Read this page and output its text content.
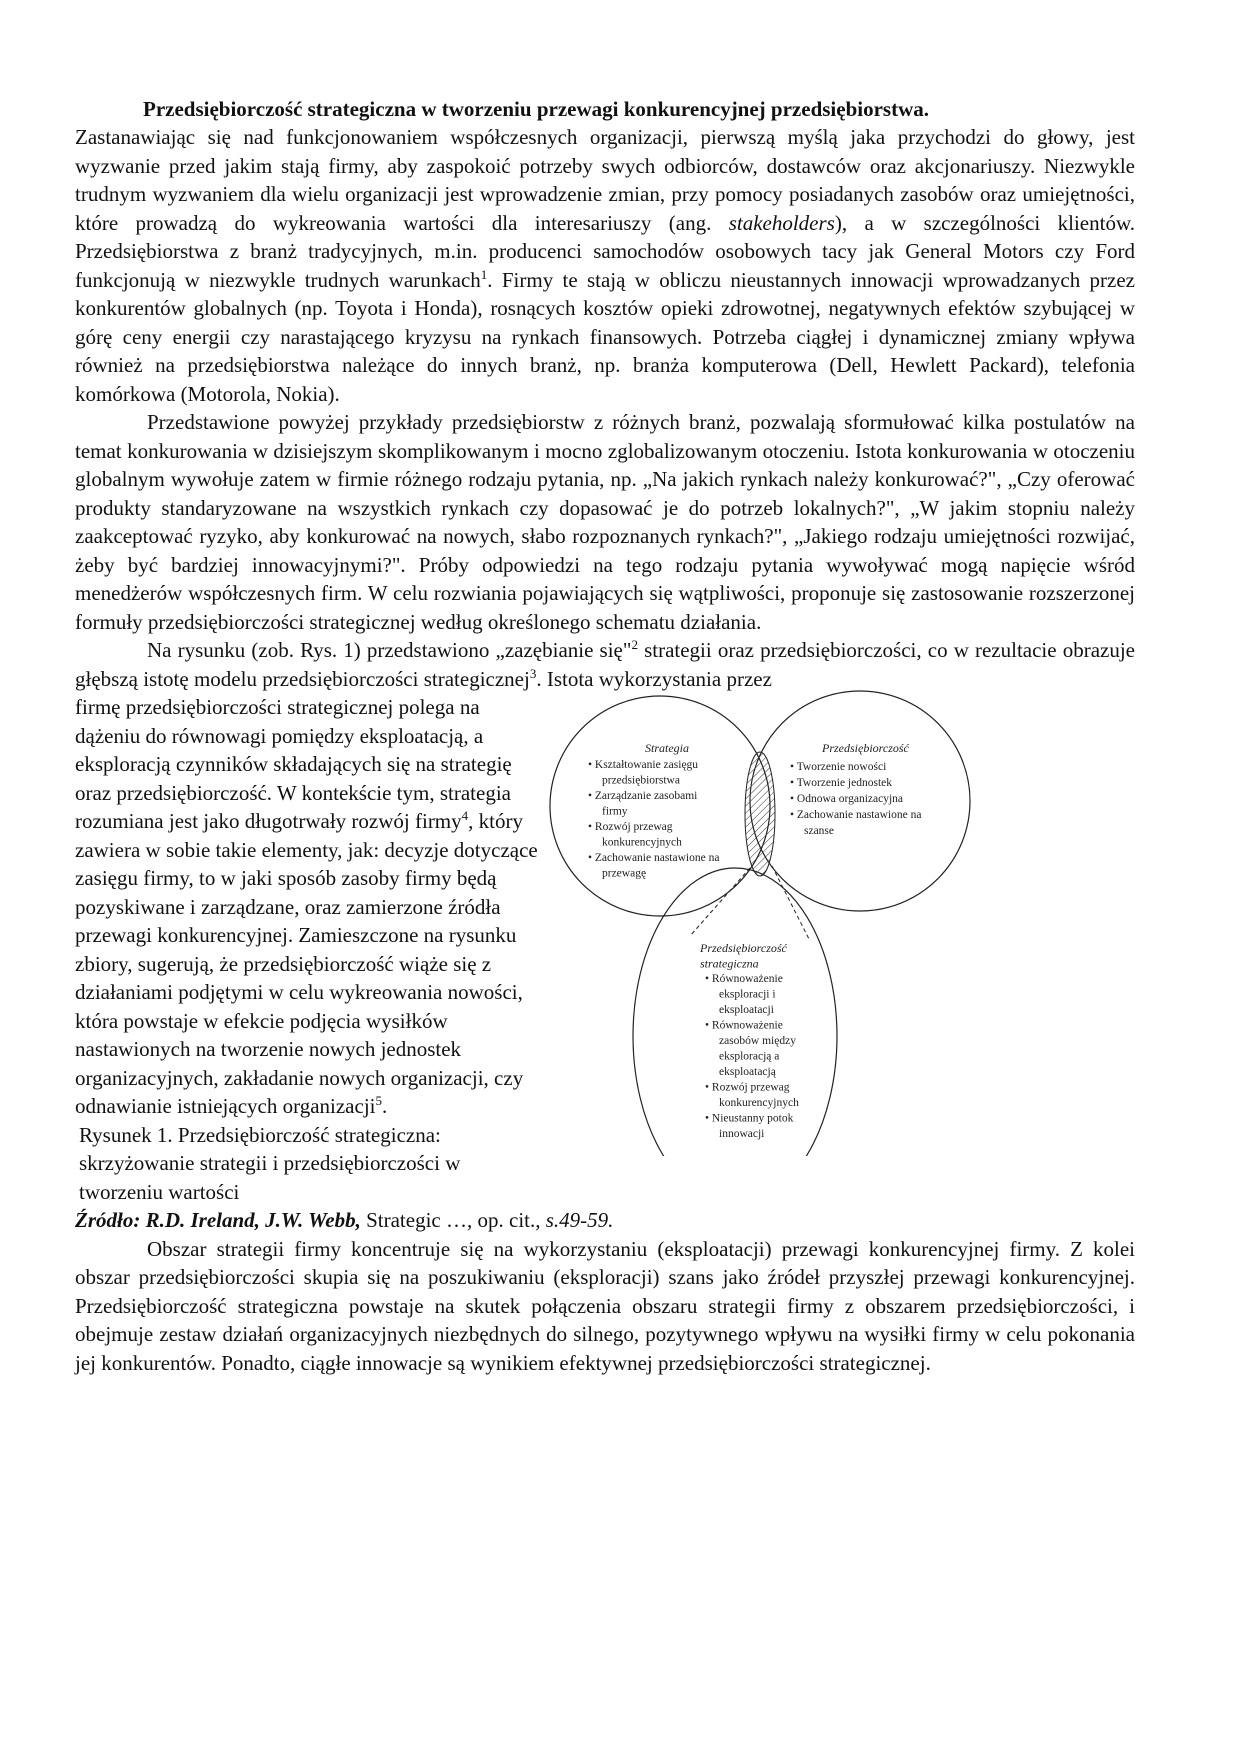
Przedsiębiorczość strategiczna w tworzeniu przewagi konkurencyjnej przedsiębiorstwa.

Zastanawiając się nad funkcjonowaniem współczesnych organizacji, pierwszą myślą jaka przychodzi do głowy, jest wyzwanie przed jakim stają firmy, aby zaspokoić potrzeby swych odbiorców, dostawców oraz akcjonariuszy. Niezwykle trudnym wyzwaniem dla wielu organizacji jest wprowadzenie zmian, przy pomocy posiadanych zasobów oraz umiejętności, które prowadzą do wykreowania wartości dla interesariuszy (ang. stakeholders), a w szczególności klientów. Przedsiębiorstwa z branż tradycyjnych, m.in. producenci samochodów osobowych tacy jak General Motors czy Ford funkcjonują w niezwykle trudnych warunkach$^1$. Firmy te stają w obliczu nieustannych innowacji wprowadzanych przez konkurentów globalnych (np. Toyota i Honda), rosnących kosztów opieki zdrowotnej, negatywnych efektów szybującej w górę ceny energii czy narastającego kryzysu na rynkach finansowych. Potrzeba ciągłej i dynamicznej zmiany wpływa również na przedsiębiorstwa należące do innych branż, np. branża komputerowa (Dell, Hewlett Packard), telefonia komórkowa (Motorola, Nokia).

Przedstawione powyżej przykłady przedsiębiorstw z różnych branż, pozwalają sformułować kilka postulatów na temat konkurowania w dzisiejszym skomplikowanym i mocno zglobalizowanym otoczeniu. Istota konkurowania w otoczeniu globalnym wywołuje zatem w firmie różnego rodzaju pytania, np. „Na jakich rynkach należy konkurować?", „Czy oferować produkty standaryzowane na wszystkich rynkach czy dopasować je do potrzeb lokalnych?", „W jakim stopniu należy zaakceptować ryzyko, aby konkurować na nowych, słabo rozpoznanych rynkach?", „Jakiego rodzaju umiejętności rozwijać, żeby być bardziej innowacyjnymi?". Próby odpowiedzi na tego rodzaju pytania wywoływać mogą napięcie wśród menedżerów współczesnych firm. W celu rozwiania pojawiających się wątpliwości, proponuje się zastosowanie rozszerzonej formuły przedsiębiorczości strategicznej według określonego schematu działania.

Na rysunku (zob. Rys. 1) przedstawiono „zazębianie się"$^2$ strategii oraz przedsiębiorczości, co w rezultacie obrazuje głębszą istotę modelu przedsiębiorczości strategicznej$^3$. Istota wykorzystania przez

firmę przedsiębiorczości strategicznej polega na dążeniu do równowagi pomiędzy eksploatacją, a eksploracją czynników składających się na strategię oraz przedsiębiorczość. W kontekście tym, strategia rozumiana jest jako długotrwały rozwój firmy$^4$, który zawiera w sobie takie elementy, jak: decyzje dotyczące zasięgu firmy, to w jaki sposób zasoby firmy będą pozyskiwane i zarządzane, oraz zamierzone źródła przewagi konkurencyjnej. Zamieszczone na rysunku zbiory, sugerują, że przedsiębiorczość wiąże się z działaniami podjętymi w celu wykreowania nowości, która powstaje w efekcie podjęcia wysiłków nastawionych na tworzenie nowych jednostek organizacyjnych, zakładanie nowych organizacji, czy odnawianie istniejących organizacji$^5$.

Rysunek 1. Przedsiębiorczość strategiczna: skrzyżowanie strategii i przedsiębiorczości w tworzeniu wartości

Źródło: R.D. Ireland, J.W. Webb, Strategic …, op. cit., s.49-59.

Obszar strategii firmy koncentruje się na wykorzystaniu (eksploatacji) przewagi konkurencyjnej firmy. Z kolei obszar przedsiębiorczości skupia się na poszukiwaniu (eksploracji) szans jako źródeł przyszłej przewagi konkurencyjnej. Przedsiębiorczość strategiczna powstaje na skutek połączenia obszaru strategii firmy z obszarem przedsiębiorczości, i obejmuje zestaw działań organizacyjnych niezbędnych do silnego, pozytywnego wpływu na wysiłki firmy w celu pokonania jej konkurentów. Ponadto, ciągłe innowacje są wynikiem efektywnej przedsiębiorczości strategicznej.

Strategia
• Kształtowanie zasięgu
przedsiębiorstwa
• Zarządzanie zasobami
firmy
• Rozwój przewag
konkurencyjnych
• Zachowanie nastawione na
przewagę
Przedsiębiorczość
• Tworzenie nowości
• Tworzenie jednostek
• Odnowa organizacyjna
• Zachowanie nastawione na
szanse
Przedsiębiorczość
strategiczna
• Równoważenie
eksploracji i
eksploatacji
• Równoważenie
zasobów między
eksploracją a
eksploatacją
• Rozwój przewag
konkurencyjnych
• Nieustanny potok
innowacji
